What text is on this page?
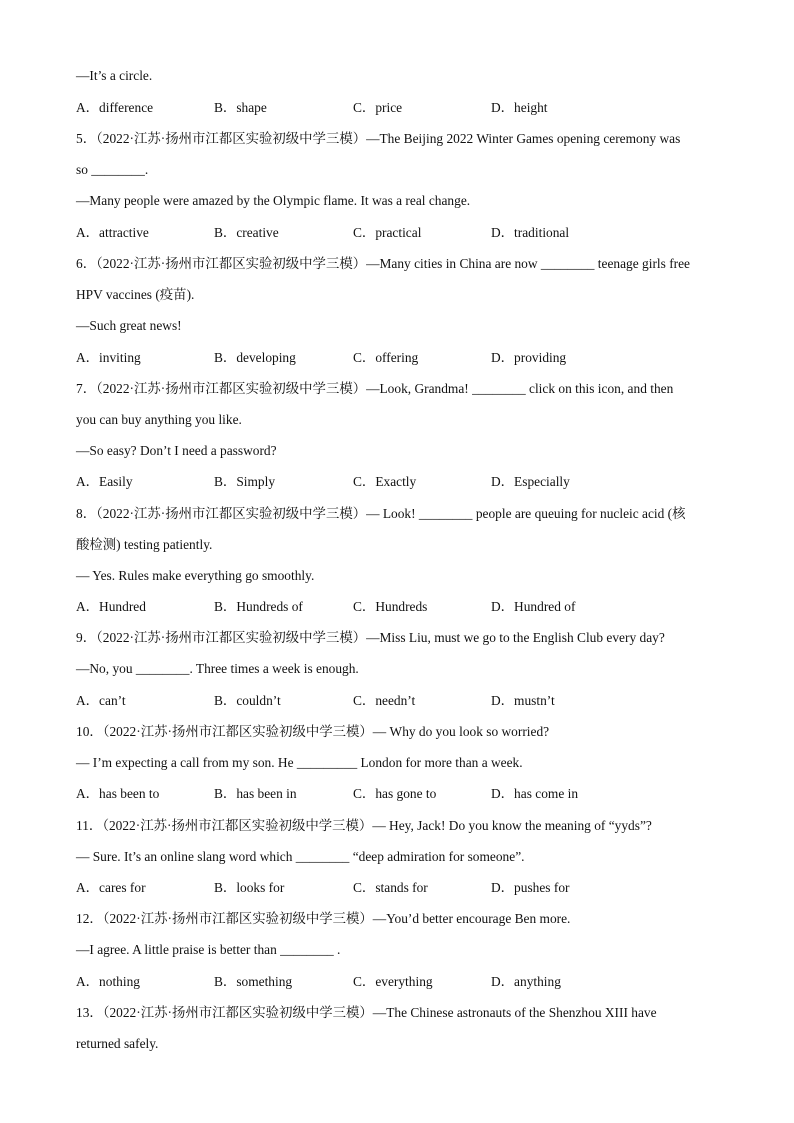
—It’s a circle.
A．difference	B．shape	C．price	D．height
5．（2022·江苏·扬州市江都区实验初级中学三模）—The Beijing 2022 Winter Games opening ceremony was
so ________.
—Many people were amazed by the Olympic flame. It was a real change.
A．attractive	B．creative	C．practical	D．traditional
6．（2022·江苏·扬州市江都区实验初级中学三模）—Many cities in China are now ________ teenage girls free
HPV vaccines (疫苗).
—Such great news!
A．inviting	B．developing	C．offering	D．providing
7．（2022·江苏·扬州市江都区实验初级中学三模）—Look, Grandma! ________ click on this icon, and then
you can buy anything you like.
—So easy? Don’t I need a password?
A．Easily	B．Simply	C．Exactly	D．Especially
8．（2022·江苏·扬州市江都区实验初级中学三模）— Look! ________ people are queuing for nucleic acid (核
酸检测) testing patiently.
— Yes. Rules make everything go smoothly.
A．Hundred	B．Hundreds of	C．Hundreds	D．Hundred of
9．（2022·江苏·扬州市江都区实验初级中学三模）—Miss Liu, must we go to the English Club every day?
—No, you ________. Three times a week is enough.
A．can’t	B．couldn’t	C．needn’t	D．mustn’t
10．（2022·江苏·扬州市江都区实验初级中学三模）— Why do you look so worried?
— I’m expecting a call from my son. He _________ London for more than a week.
A．has been to	B．has been in	C．has gone to	D．has come in
11．（2022·江苏·扬州市江都区实验初级中学三模）— Hey, Jack! Do you know the meaning of “yyds”?
— Sure. It’s an online slang word which ________ “deep admiration for someone”.
A．cares for	B．looks for	C．stands for	D．pushes for
12．（2022·江苏·扬州市江都区实验初级中学三模）—You’d better encourage Ben more.
—I agree. A little praise is better than ________ .
A．nothing	B．something	C．everything	D．anything
13．（2022·江苏·扬州市江都区实验初级中学三模）—The Chinese astronauts of the Shenzhou XIII have
returned safely.
